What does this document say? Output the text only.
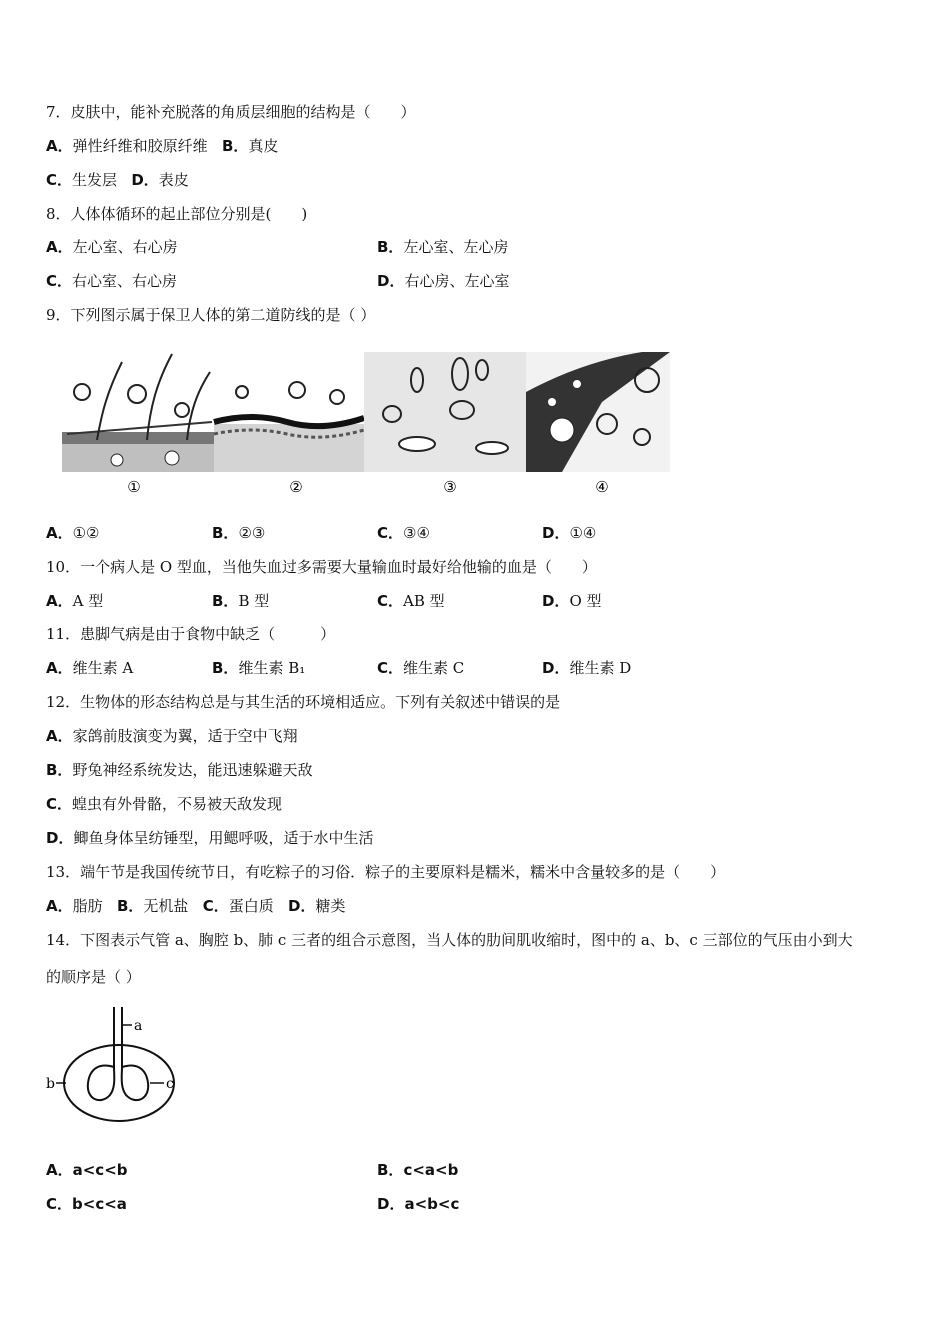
7．皮肤中，能补充脱落的角质层细胞的结构是（　　）
A．弹性纤维和胶原纤维 B．真皮
C．生发层 D．表皮
8．人体体循环的起止部位分别是(　　)
A．左心室、右心房	B．左心室、左心房
C．右心室、右心房	D．右心房、左心室
9．下列图示属于保卫人体的第二道防线的是（ ）
①	②	③	④
A．①②	B．②③	C．③④	D．①④
10．一个病人是 O 型血，当他失血过多需要大量输血时最好给他输的血是（　　）
A．A 型	B．B 型	C．AB 型	D．O 型
11．患脚气病是由于食物中缺乏（　　　）
A．维生素 A	B．维生素 B₁	C．维生素 C	D．维生素 D
12．生物体的形态结构总是与其生活的环境相适应。下列有关叙述中错误的是
A．家鸽前肢演变为翼，适于空中飞翔
B．野兔神经系统发达，能迅速躲避天敌
C．蝗虫有外骨骼，不易被天敌发现
D．鲫鱼身体呈纺锤型，用鳃呼吸，适于水中生活
13．端午节是我国传统节日，有吃粽子的习俗．粽子的主要原料是糯米，糯米中含量较多的是（　　）
A．脂肪 B．无机盐 C．蛋白质 D．糖类
14．下图表示气管 a、胸腔 b、肺 c 三者的组合示意图，当人体的肋间肌收缩时，图中的 a、b、c 三部位的气压由小到大
的顺序是（ ）
a
b	c
A．a<c<b	B．c<a<b
C．b<c<a	D．a<b<c
